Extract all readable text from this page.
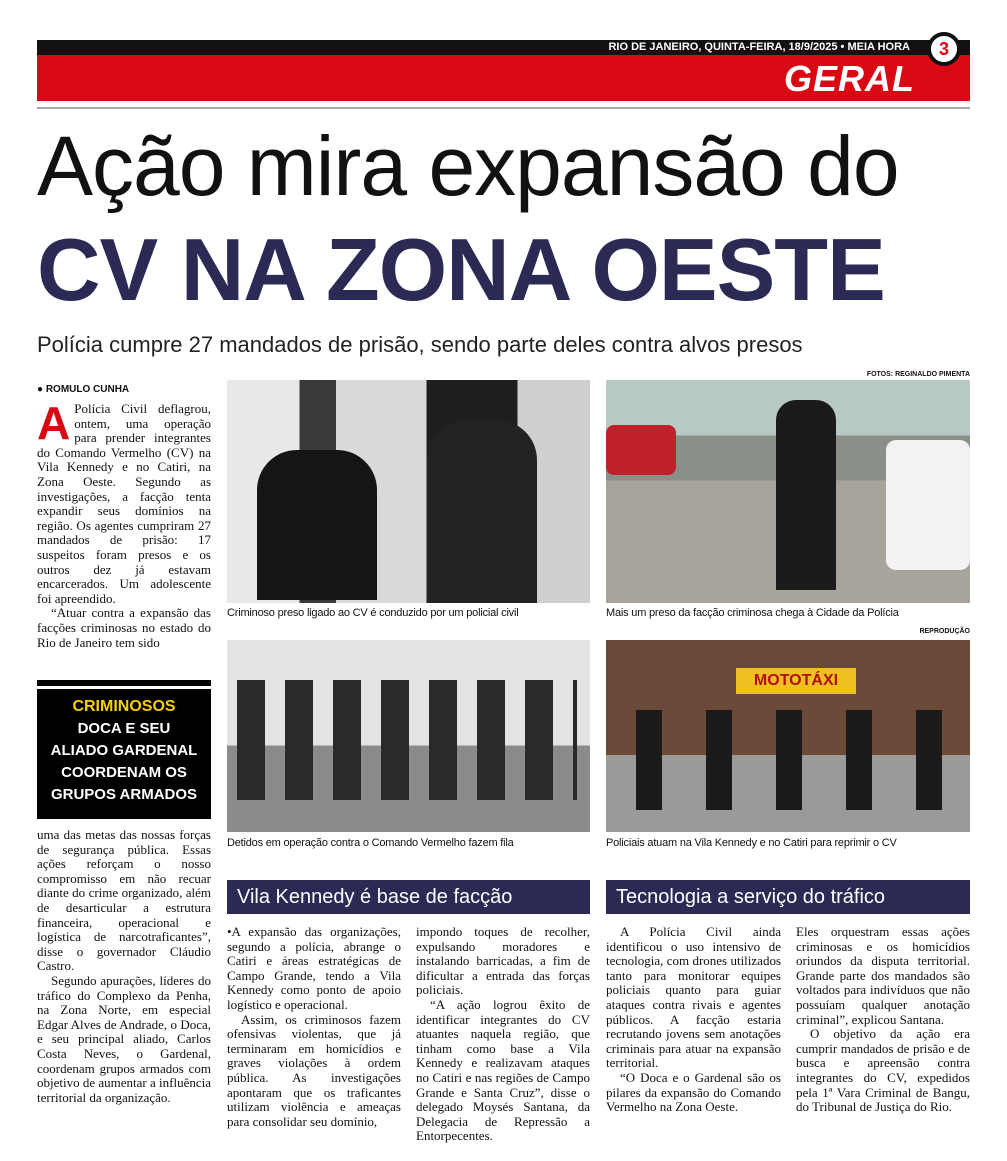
RIO DE JANEIRO, QUINTA-FEIRA, 18/9/2025 • MEIA HORA
GERAL
3
Ação mira expansão do
CV NA ZONA OESTE
Polícia cumpre 27 mandados de prisão, sendo parte deles contra alvos presos
FOTOS: REGINALDO PIMENTA
● ROMULO CUNHA

A Polícia Civil deflagrou, ontem, uma operação para prender integrantes do Comando Vermelho (CV) na Vila Kennedy e no Catiri, na Zona Oeste. Segundo as investigações, a facção tenta expandir seus domínios na região. Os agentes cumpriram 27 mandados de prisão: 17 suspeitos foram presos e os outros dez já estavam encarcerados. Um adolescente foi apreendido.

“Atuar contra a expansão das facções criminosas no estado do Rio de Janeiro tem sido

CRIMINOSOS
DOCA E SEU
ALIADO GARDENAL
COORDENAM OS
GRUPOS ARMADOS

uma das metas das nossas forças de segurança pública. Essas ações reforçam o nosso compromisso em não recuar diante do crime organizado, além de desarticular a estrutura financeira, operacional e logística de narcotraficantes”, disse o governador Cláudio Castro.

Segundo apurações, líderes do tráfico do Complexo da Penha, na Zona Norte, em especial Edgar Alves de Andrade, o Doca, e seu principal aliado, Carlos Costa Neves, o Gardenal, coordenam grupos armados com objetivo de aumentar a influência territorial da organização.

Criminoso preso ligado ao CV é conduzido por um policial civil	Mais um preso da facção criminosa chega à Cidade da Polícia
REPRODUÇÃO
Detidos em operação contra o Comando Vermelho fazem fila
MOTOTÁXI
Policiais atuam na Vila Kennedy e no Catiri para reprimir o CV
Vila Kennedy é base de facção

•A expansão das organizações, segundo a polícia, abrange o Catiri e áreas estratégicas de Campo Grande, tendo a Vila Kennedy como ponto de apoio logístico e operacional.

Assim, os criminosos fazem ofensivas violentas, que já terminaram em homicídios e graves violações à ordem pública. As investigações apontaram que os traficantes utilizam violência e ameaças para consolidar seu domínio,

impondo toques de recolher, expulsando moradores e instalando barricadas, a fim de dificultar a entrada das forças policiais.

“A ação logrou êxito de identificar integrantes do CV atuantes naquela região, que tinham como base a Vila Kennedy e realizavam ataques no Catiri e nas regiões de Campo Grande e Santa Cruz”, disse o delegado Moysés Santana, da Delegacia de Repressão a Entorpecentes.

Tecnologia a serviço do tráfico

A Polícia Civil ainda identificou o uso intensivo de tecnologia, com drones utilizados tanto para monitorar equipes policiais quanto para guiar ataques contra rivais e agentes públicos. A facção estaria recrutando jovens sem anotações criminais para atuar na expansão territorial.

“O Doca e o Gardenal são os pilares da expansão do Comando Vermelho na Zona Oeste.

Eles orquestram essas ações criminosas e os homicídios oriundos da disputa territorial. Grande parte dos mandados são voltados para indivíduos que não possuíam qualquer anotação criminal”, explicou Santana.

O objetivo da ação era cumprir mandados de prisão e de busca e apreensão contra integrantes do CV, expedidos pela 1ª Vara Criminal de Bangu, do Tribunal de Justiça do Rio.
